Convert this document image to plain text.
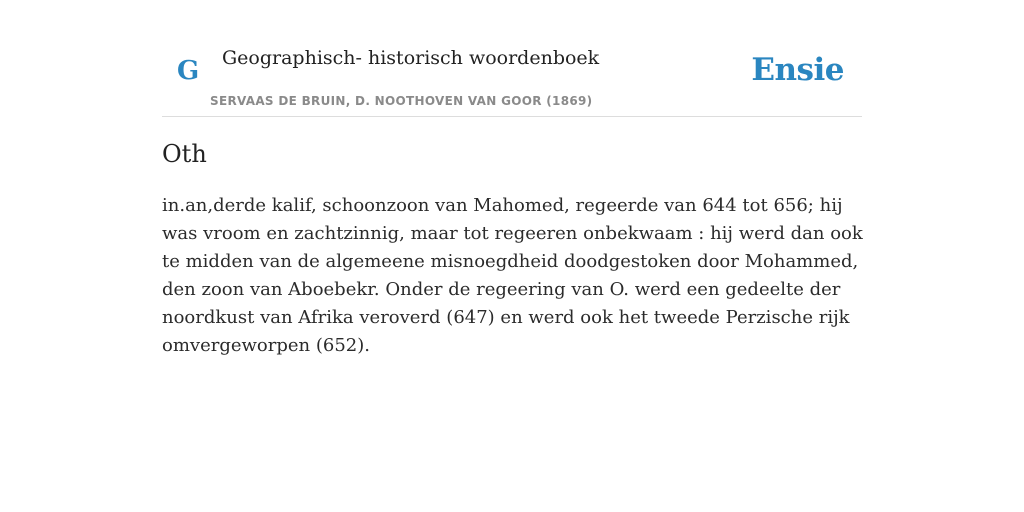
G Geographisch- historisch woordenboek
SERVAAS DE BRUIN, D. NOOTHOVEN VAN GOOR (1869)
Ensie
Oth

in.an,derde kalif, schoonzoon van Mahomed, regeerde van 644 tot 656; hij was vroom en zachtzinnig, maar tot regeeren onbekwaam : hij werd dan ook te midden van de algemeene misnoegdheid doodgestoken door Mohammed, den zoon van Aboebekr. Onder de regeering van O. werd een gedeelte der noordkust van Afrika veroverd (647) en werd ook het tweede Perzische rijk omvergeworpen (652).
